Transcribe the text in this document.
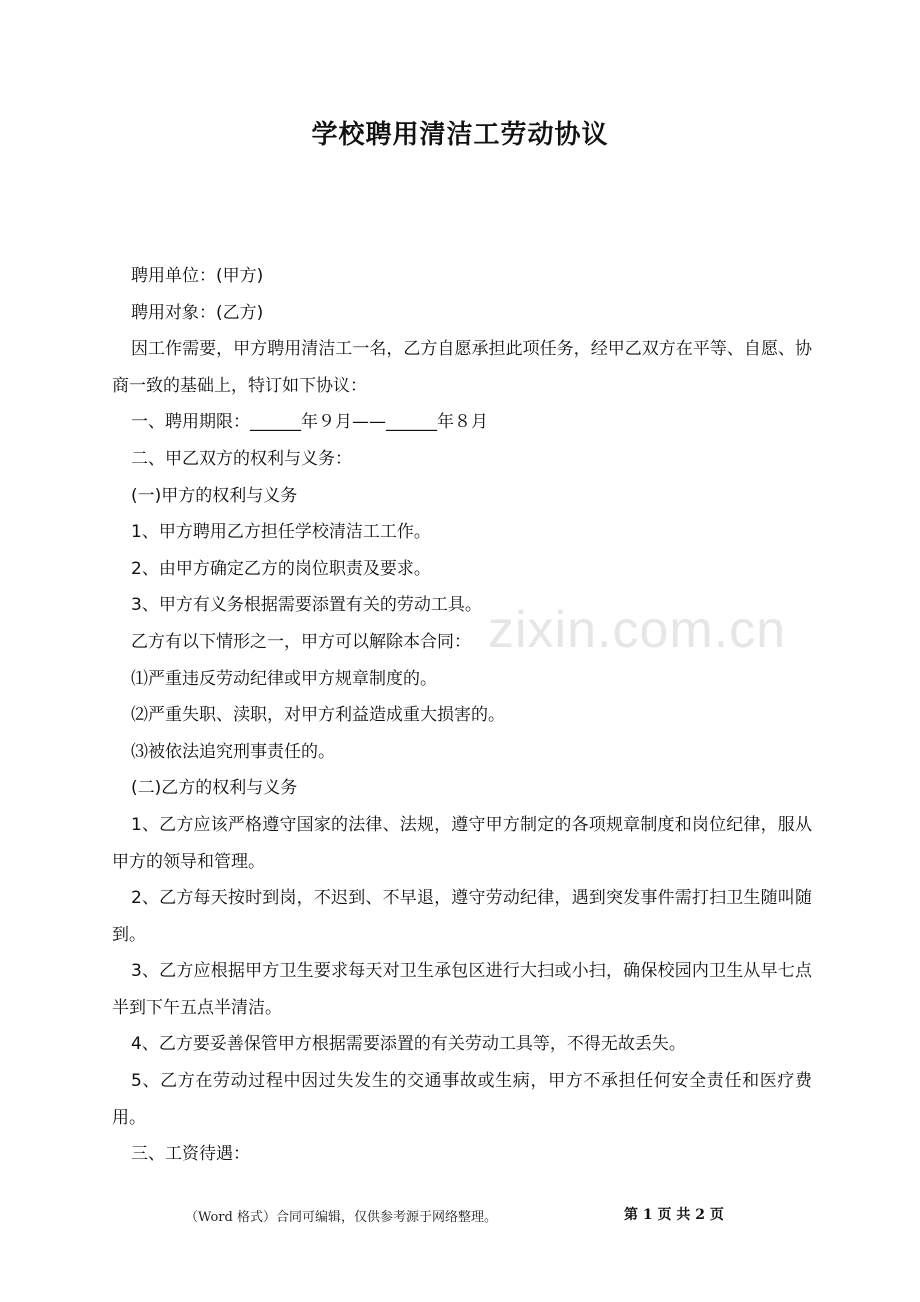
学校聘用清洁工劳动协议

聘用单位：(甲方)

聘用对象：(乙方)

因工作需要，甲方聘用清洁工一名，乙方自愿承担此项任务，经甲乙双方在平等、自愿、协商一致的基础上，特订如下协议：

一、聘用期限：______年９月——______年８月

二、甲乙双方的权利与义务：

(一)甲方的权利与义务

1、甲方聘用乙方担任学校清洁工工作。

2、由甲方确定乙方的岗位职责及要求。

3、甲方有义务根据需要添置有关的劳动工具。

乙方有以下情形之一，甲方可以解除本合同：

⑴严重违反劳动纪律或甲方规章制度的。

⑵严重失职、渎职，对甲方利益造成重大损害的。

⑶被依法追究刑事责任的。

(二)乙方的权利与义务

1、乙方应该严格遵守国家的法律、法规，遵守甲方制定的各项规章制度和岗位纪律，服从甲方的领导和管理。

2、乙方每天按时到岗，不迟到、不早退，遵守劳动纪律，遇到突发事件需打扫卫生随叫随到。

3、乙方应根据甲方卫生要求每天对卫生承包区进行大扫或小扫，确保校园内卫生从早七点半到下午五点半清洁。

4、乙方要妥善保管甲方根据需要添置的有关劳动工具等，不得无故丢失。

5、乙方在劳动过程中因过失发生的交通事故或生病，甲方不承担任何安全责任和医疗费用。

三、工资待遇：

zixin.com.cn
（Word 格式）合同可编辑，仅供参考源于网络整理。	第 1 页 共 2 页
